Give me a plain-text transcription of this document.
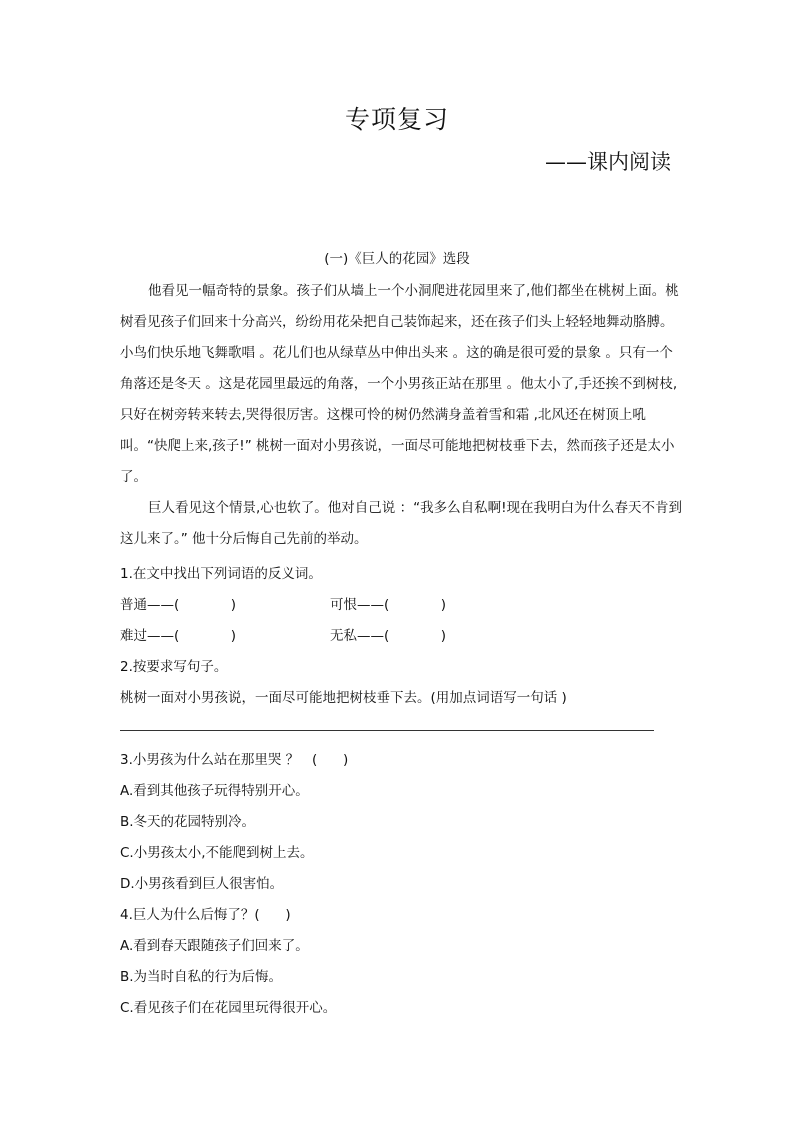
专项复习
——课内阅读
(一)《巨人的花园》选段

他看见一幅奇特的景象。孩子们从墙上一个小洞爬进花园里来了,他们都坐在桃树上面。桃树看见孩子们回来十分高兴，纷纷用花朵把自己装饰起来，还在孩子们头上轻轻地舞动胳膊。小鸟们快乐地飞舞歌唱 。花儿们也从绿草丛中伸出头来 。这的确是很可爱的景象 。只有一个角落还是冬天 。这是花园里最远的角落，一个小男孩正站在那里 。他太小了,手还挨不到树枝,只好在树旁转来转去,哭得很厉害。这棵可怜的树仍然满身盖着雪和霜 ,北风还在树顶上吼叫。“快爬上来,孩子!” 桃树一面对小男孩说，一面尽可能地把树枝垂下去，然而孩子还是太小了。

巨人看见这个情景,心也软了。他对自己说 ：“我多么自私啊!现在我明白为什么春天不肯到这儿来了。” 他十分后悔自己先前的举动。

1.在文中找出下列词语的反义词。
普通——(            )	可恨——(            )
难过——(            )	无私——(            )
2.按要求写句子。
桃树一面对小男孩说，一面尽可能地把树枝垂下去。(用加点词语写一句话 )
3.小男孩为什么站在那里哭 ？   (      )
A.看到其他孩子玩得特别开心。
B.冬天的花园特别冷。
C.小男孩太小,不能爬到树上去。
D.小男孩看到巨人很害怕。
4.巨人为什么后悔了？(      )
A.看到春天跟随孩子们回来了。
B.为当时自私的行为后悔。
C.看见孩子们在花园里玩得很开心。
